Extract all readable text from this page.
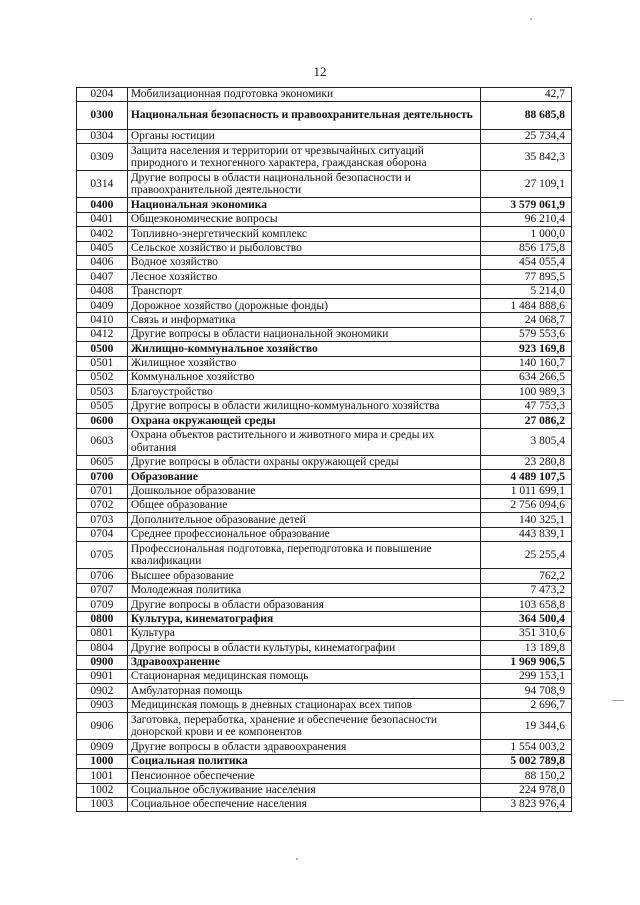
12
0204	Мобилизационная подготовка экономики	42,7
0300	Национальная безопасность и правоохранительная деятельность	88 685,8
0304	Органы юстиции	25 734,4
0309	Защита населения и территории от чрезвычайных ситуаций природного и техногенного характера, гражданская оборона	35 842,3
0314	Другие вопросы в области национальной безопасности и правоохранительной деятельности	27 109,1
0400	Национальная экономика	3 579 061,9
0401	Общеэкономические вопросы	96 210,4
0402	Топливно-энергетический комплекс	1 000,0
0405	Сельское хозяйство и рыболовство	856 175,8
0406	Водное хозяйство	454 055,4
0407	Лесное хозяйство	77 895,5
0408	Транспорт	5 214,0
0409	Дорожное хозяйство (дорожные фонды)	1 484 888,6
0410	Связь и информатика	24 068,7
0412	Другие вопросы в области национальной экономики	579 553,6
0500	Жилищно-коммунальное хозяйство	923 169,8
0501	Жилищное хозяйство	140 160,7
0502	Коммунальное хозяйство	634 266,5
0503	Благоустройство	100 989,3
0505	Другие вопросы в области жилищно-коммунального хозяйства	47 753,3
0600	Охрана окружающей среды	27 086,2
0603	Охрана объектов растительного и животного мира и среды их обитания	3 805,4
0605	Другие вопросы в области охраны окружающей среды	23 280,8
0700	Образование	4 489 107,5
0701	Дошкольное образование	1 011 699,1
0702	Общее образование	2 756 094,6
0703	Дополнительное образование детей	140 325,1
0704	Среднее профессиональное образование	443 839,1
0705	Профессиональная подготовка, переподготовка и повышение квалификации	25 255,4
0706	Высшее образование	762,2
0707	Молодежная политика	7 473,2
0709	Другие вопросы в области образования	103 658,8
0800	Культура, кинематография	364 500,4
0801	Культура	351 310,6
0804	Другие вопросы в области культуры, кинематографии	13 189,8
0900	Здравоохранение	1 969 906,5
0901	Стационарная медицинская помощь	299 153,1
0902	Амбулаторная помощь	94 708,9
0903	Медицинская помощь в дневных стационарах всех типов	2 696,7
0906	Заготовка, переработка, хранение и обеспечение безопасности донорской крови и ее компонентов	19 344,6
0909	Другие вопросы в области здравоохранения	1 554 003,2
1000	Социальная политика	5 002 789,8
1001	Пенсионное обеспечение	88 150,2
1002	Социальное обслуживание населения	224 978,0
1003	Социальное обеспечение населения	3 823 976,4
